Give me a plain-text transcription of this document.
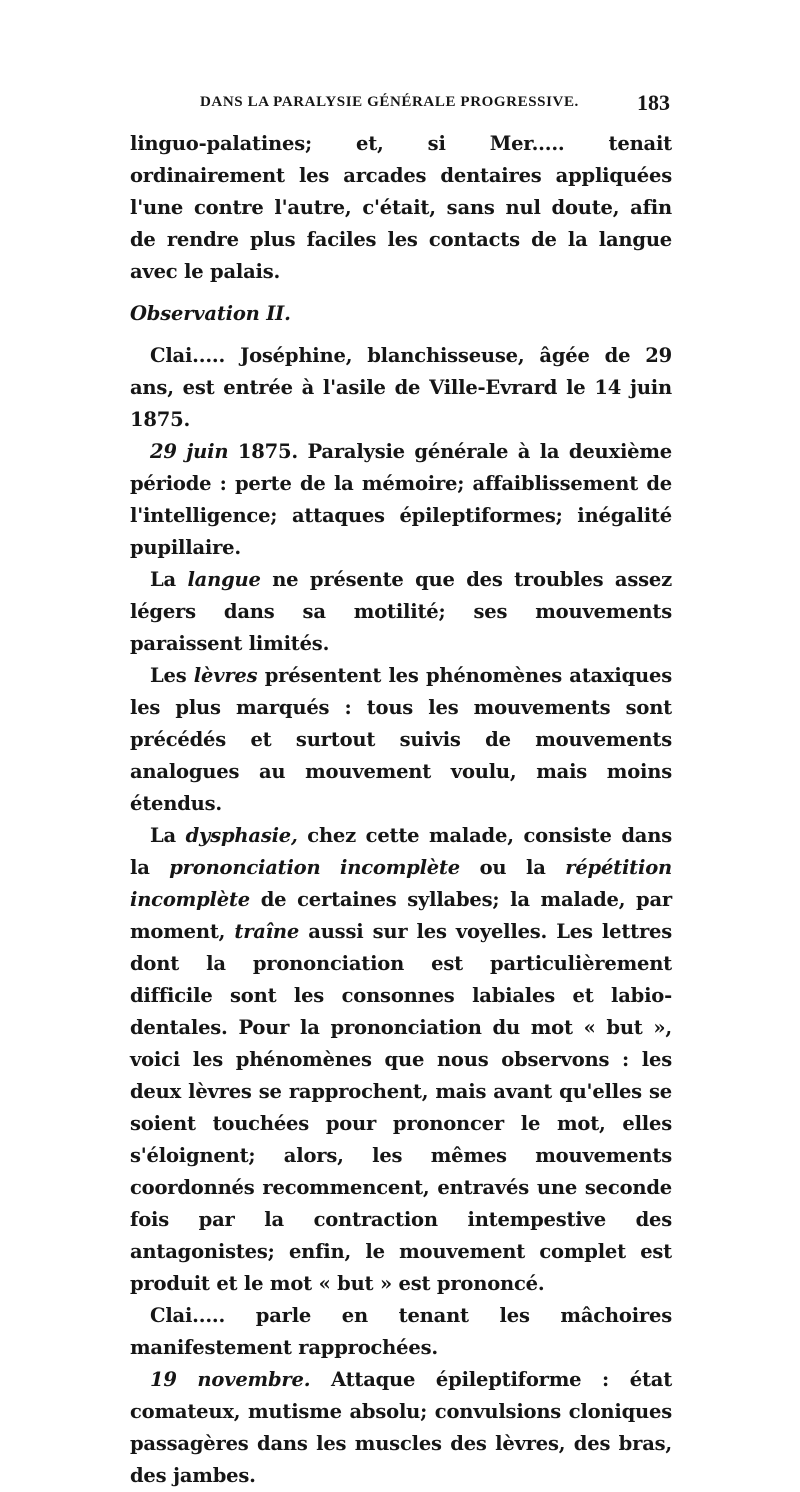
DANS LA PARALYSIE GÉNÉRALE PROGRESSIVE.	183

linguo-palatines; et, si Mer..... tenait ordinairement les arcades dentaires appliquées l'une contre l'autre, c'était, sans nul doute, afin de rendre plus faciles les contacts de la langue avec le palais.

Observation II.

Clai..... Joséphine, blanchisseuse, âgée de 29 ans, est entrée à l'asile de Ville-Evrard le 14 juin 1875.

29 juin 1875. Paralysie générale à la deuxième période : perte de la mémoire; affaiblissement de l'intelligence; attaques épileptiformes; inégalité pupillaire.

La langue ne présente que des troubles assez légers dans sa motilité; ses mouvements paraissent limités.

Les lèvres présentent les phénomènes ataxiques les plus marqués : tous les mouvements sont précédés et surtout suivis de mouvements analogues au mouvement voulu, mais moins étendus.

La dysphasie, chez cette malade, consiste dans la prononciation incomplète ou la répétition incomplète de certaines syllabes; la malade, par moment, traîne aussi sur les voyelles. Les lettres dont la prononciation est particulièrement difficile sont les consonnes labiales et labio-dentales. Pour la prononciation du mot « but », voici les phénomènes que nous observons : les deux lèvres se rapprochent, mais avant qu'elles se soient touchées pour prononcer le mot, elles s'éloignent; alors, les mêmes mouvements coordonnés recommencent, entravés une seconde fois par la contraction intempestive des antagonistes; enfin, le mouvement complet est produit et le mot « but » est prononcé.

Clai..... parle en tenant les mâchoires manifestement rapprochées.

19 novembre. Attaque épileptiforme : état comateux, mutisme absolu; convulsions cloniques passagères dans les muscles des lèvres, des bras, des jambes.
